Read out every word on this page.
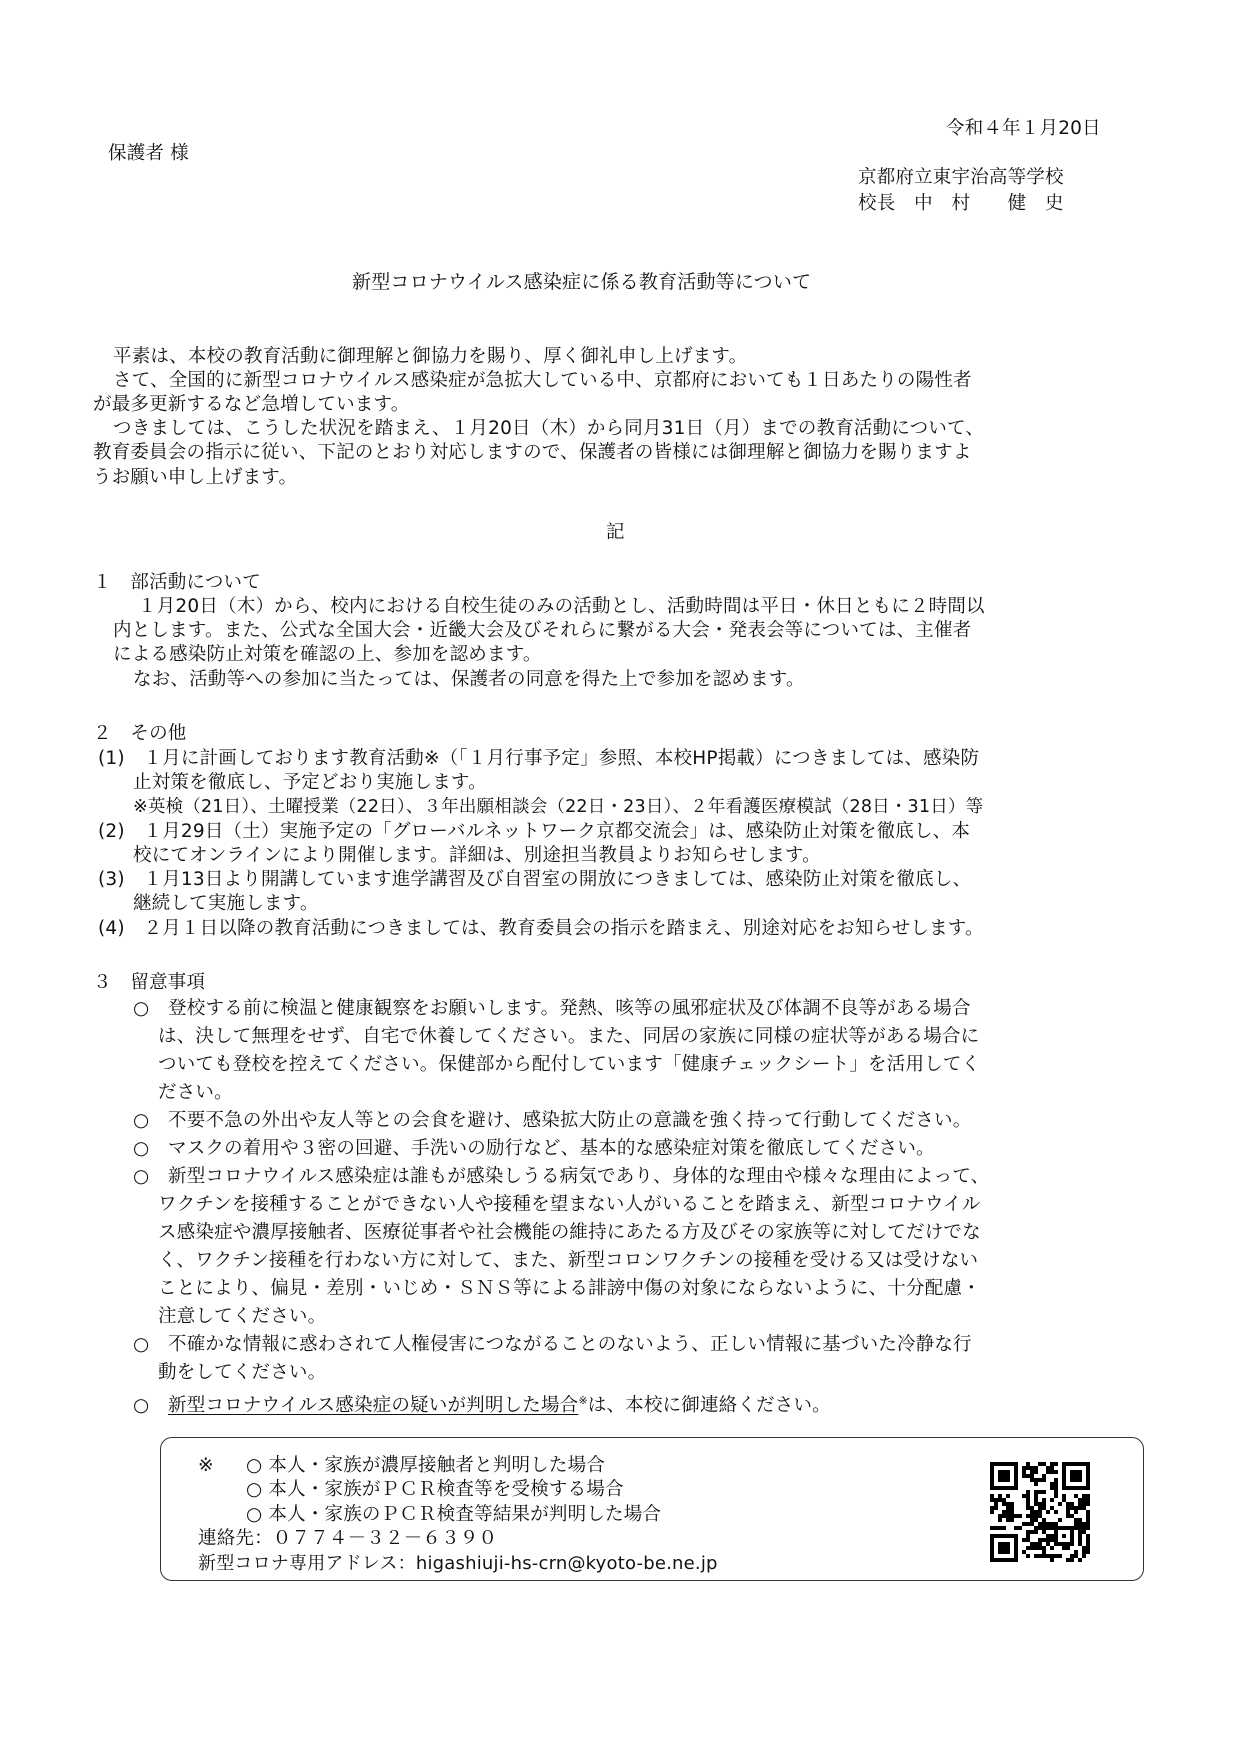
令和４年１月20日
保護者 様
京都府立東宇治高等学校
校長　中　村　　健　史
新型コロナウイルス感染症に係る教育活動等について
平素は、本校の教育活動に御理解と御協力を賜り、厚く御礼申し上げます。
さて、全国的に新型コロナウイルス感染症が急拡大している中、京都府においても１日あたりの陽性者
が最多更新するなど急増しています。
つきましては、こうした状況を踏まえ、１月20日（木）から同月31日（月）までの教育活動について、
教育委員会の指示に従い、下記のとおり対応しますので、保護者の皆様には御理解と御協力を賜りますよ
うお願い申し上げます。
記
１　部活動について
１月20日（木）から、校内における自校生徒のみの活動とし、活動時間は平日・休日ともに２時間以
内とします。また、公式な全国大会・近畿大会及びそれらに繋がる大会・発表会等については、主催者
による感染防止対策を確認の上、参加を認めます。
なお、活動等への参加に当たっては、保護者の同意を得た上で参加を認めます。
２　その他
(1)　１月に計画しております教育活動※（「１月行事予定」参照、本校HP掲載）につきましては、感染防
止対策を徹底し、予定どおり実施します。
※英検（21日）、土曜授業（22日）、３年出願相談会（22日・23日）、２年看護医療模試（28日・31日）等
(2)　１月29日（土）実施予定の「グローバルネットワーク京都交流会」は、感染防止対策を徹底し、本
校にてオンラインにより開催します。詳細は、別途担当教員よりお知らせします。
(3)　１月13日より開講しています進学講習及び自習室の開放につきましては、感染防止対策を徹底し、
継続して実施します。
(4)　２月１日以降の教育活動につきましては、教育委員会の指示を踏まえ、別途対応をお知らせします。
３　留意事項
○　登校する前に検温と健康観察をお願いします。発熱、咳等の風邪症状及び体調不良等がある場合
は、決して無理をせず、自宅で休養してください。また、同居の家族に同様の症状等がある場合に
ついても登校を控えてください。保健部から配付しています「健康チェックシート」を活用してく
ださい。
○　不要不急の外出や友人等との会食を避け、感染拡大防止の意識を強く持って行動してください。
○　マスクの着用や３密の回避、手洗いの励行など、基本的な感染症対策を徹底してください。
○　新型コロナウイルス感染症は誰もが感染しうる病気であり、身体的な理由や様々な理由によって、
ワクチンを接種することができない人や接種を望まない人がいることを踏まえ、新型コロナウイル
ス感染症や濃厚接触者、医療従事者や社会機能の維持にあたる方及びその家族等に対してだけでな
く、ワクチン接種を行わない方に対して、また、新型コロンワクチンの接種を受ける又は受けない
ことにより、偏見・差別・いじめ・ＳＮＳ等による誹謗中傷の対象にならないように、十分配慮・
注意してください。
○　不確かな情報に惑わされて人権侵害につながることのないよう、正しい情報に基づいた冷静な行
動をしてください。
○　新型コロナウイルス感染症の疑いが判明した場合※は、本校に御連絡ください。
※ ○ 本人・家族が濃厚接触者と判明した場合
○ 本人・家族がＰＣＲ検査等を受検する場合
○ 本人・家族のＰＣＲ検査等結果が判明した場合
連絡先：０７７４－３２－６３９０
新型コロナ専用アドレス：higashiuji-hs-crn@kyoto-be.ne.jp
